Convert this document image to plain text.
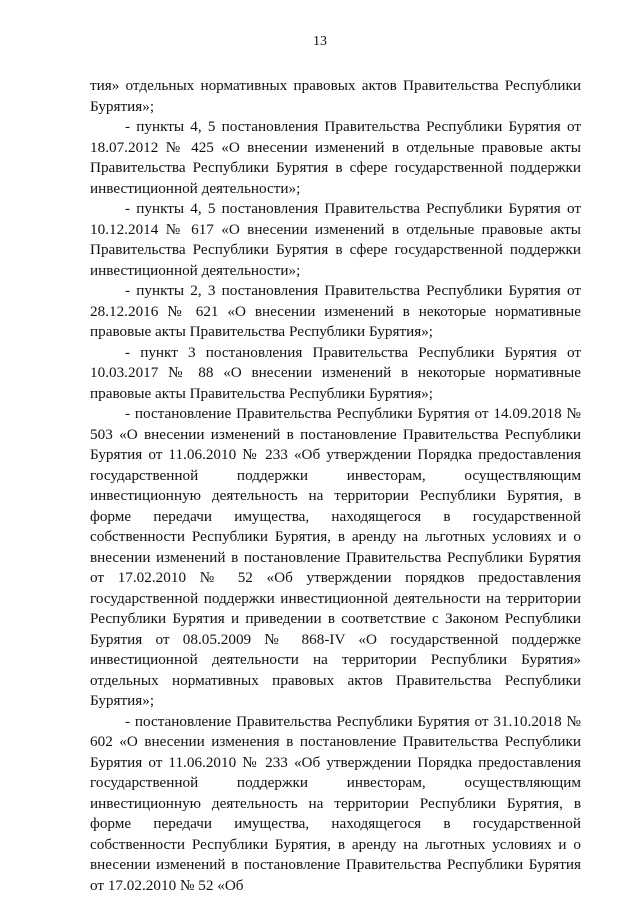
13

тия» отдельных нормативных правовых актов Правительства Республики Бурятия»;

- пункты 4, 5 постановления Правительства Республики Бурятия от 18.07.2012 № 425 «О внесении изменений в отдельные правовые акты Правительства Республики Бурятия в сфере государственной поддержки инвестиционной деятельности»;

- пункты 4, 5 постановления Правительства Республики Бурятия от 10.12.2014 № 617 «О внесении изменений в отдельные правовые акты Правительства Республики Бурятия в сфере государственной поддержки инвестиционной деятельности»;

- пункты 2, 3 постановления Правительства Республики Бурятия от 28.12.2016 № 621 «О внесении изменений в некоторые нормативные правовые акты Правительства Республики Бурятия»;

- пункт 3 постановления Правительства Республики Бурятия от 10.03.2017 № 88 «О внесении изменений в некоторые нормативные правовые акты Правительства Республики Бурятия»;

- постановление Правительства Республики Бурятия от 14.09.2018 № 503 «О внесении изменений в постановление Правительства Республики Бурятия от 11.06.2010 № 233 «Об утверждении Порядка предоставления государственной поддержки инвесторам, осуществляющим инвестиционную деятельность на территории Республики Бурятия, в форме передачи имущества, находящегося в государственной собственности Республики Бурятия, в аренду на льготных условиях и о внесении изменений в постановление Правительства Республики Бурятия от 17.02.2010 № 52 «Об утверждении порядков предоставления государственной поддержки инвестиционной деятельности на территории Республики Бурятия и приведении в соответствие с Законом Республики Бурятия от 08.05.2009 № 868-IV «О государственной поддержке инвестиционной деятельности на территории Республики Бурятия» отдельных нормативных правовых актов Правительства Республики Бурятия»;

- постановление Правительства Республики Бурятия от 31.10.2018 № 602 «О внесении изменения в постановление Правительства Республики Бурятия от 11.06.2010 № 233 «Об утверждении Порядка предоставления государственной поддержки инвесторам, осуществляющим инвестиционную деятельность на территории Республики Бурятия, в форме передачи имущества, находящегося в государственной собственности Республики Бурятия, в аренду на льготных условиях и о внесении изменений в постановление Правительства Республики Бурятия от 17.02.2010 № 52 «Об
